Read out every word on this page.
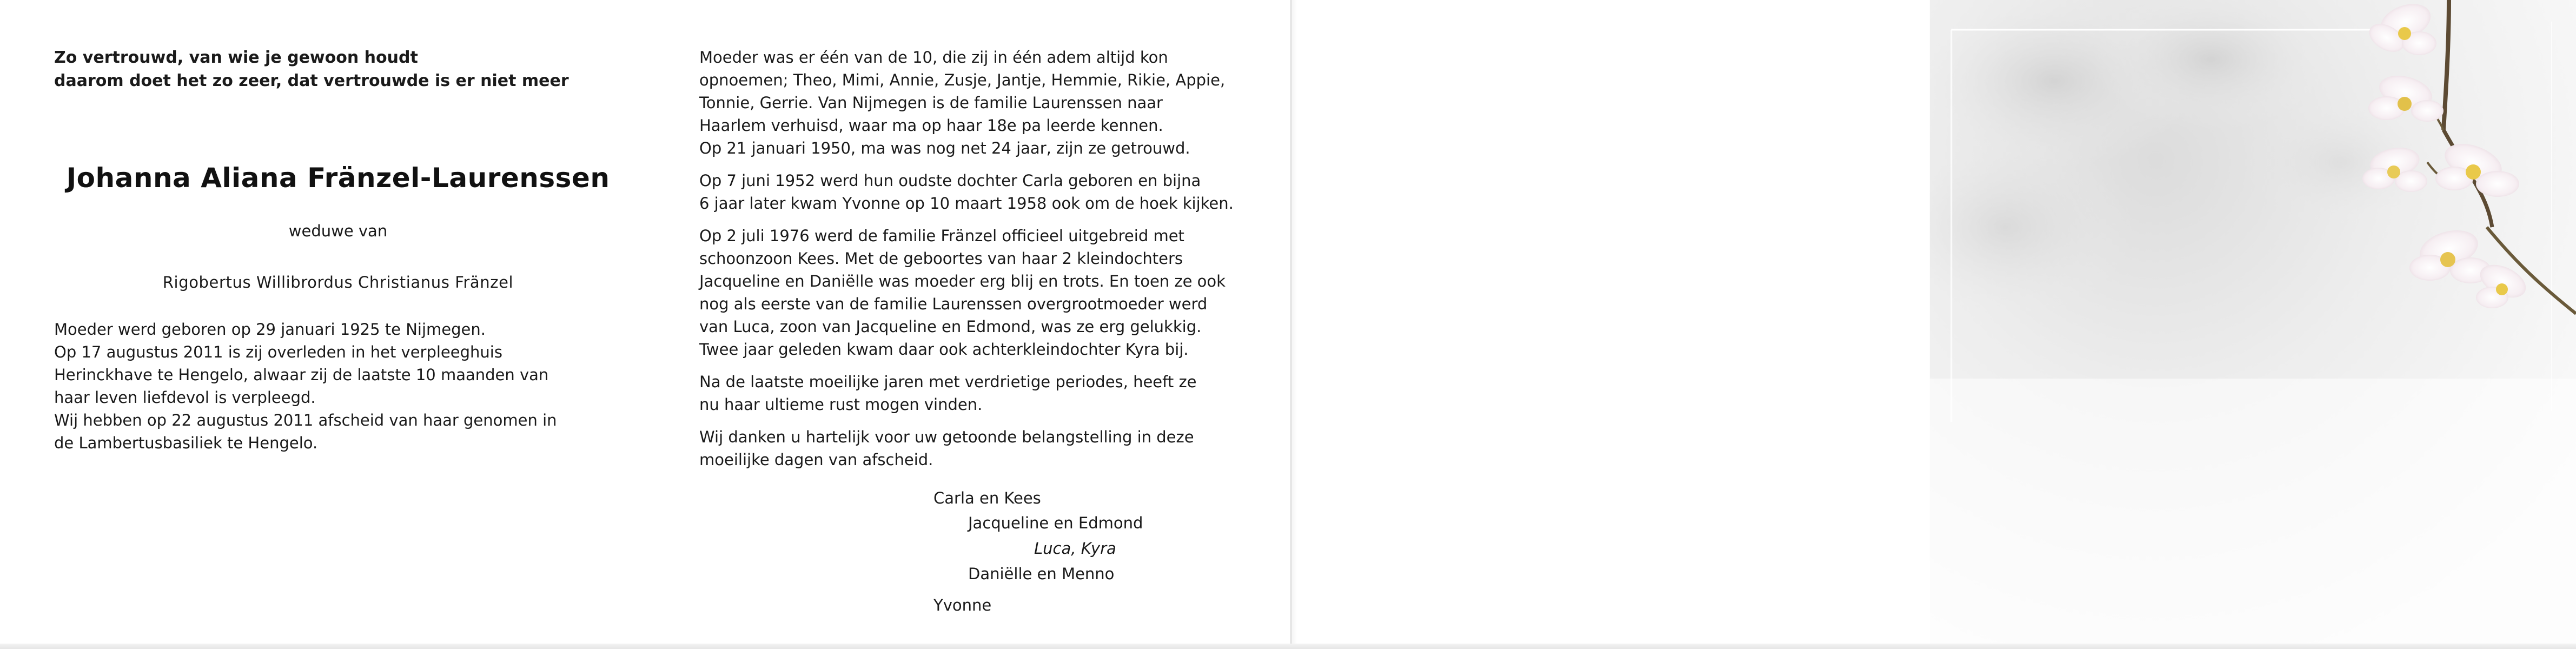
Zo vertrouwd, van wie je gewoon houdt

daarom doet het zo zeer, dat vertrouwde is er niet meer

Johanna Aliana Fränzel-Laurenssen

weduwe van

Rigobertus Willibrordus Christianus Fränzel

Moeder werd geboren op 29 januari 1925 te Nijmegen.
Op 17 augustus 2011 is zij overleden in het verpleeghuis
Herinckhave te Hengelo, alwaar zij de laatste 10 maanden van
haar leven liefdevol is verpleegd.
Wij hebben op 22 augustus 2011 afscheid van haar genomen in
de Lambertusbasiliek te Hengelo.
Moeder was er één van de 10, die zij in één adem altijd kon
opnoemen; Theo, Mimi, Annie, Zusje, Jantje, Hemmie, Rikie, Appie,
Tonnie, Gerrie. Van Nijmegen is de familie Laurenssen naar
Haarlem verhuisd, waar ma op haar 18e pa leerde kennen.
Op 21 januari 1950, ma was nog net 24 jaar, zijn ze getrouwd.
Op 7 juni 1952 werd hun oudste dochter Carla geboren en bijna
6 jaar later kwam Yvonne op 10 maart 1958 ook om de hoek kijken.
Op 2 juli 1976 werd de familie Fränzel officieel uitgebreid met
schoonzoon Kees. Met de geboortes van haar 2 kleindochters
Jacqueline en Daniëlle was moeder erg blij en trots. En toen ze ook
nog als eerste van de familie Laurenssen overgrootmoeder werd
van Luca, zoon van Jacqueline en Edmond, was ze erg gelukkig.
Twee jaar geleden kwam daar ook achterkleindochter Kyra bij.
Na de laatste moeilijke jaren met verdrietige periodes, heeft ze
nu haar ultieme rust mogen vinden.
Wij danken u hartelijk voor uw getoonde belangstelling in deze
moeilijke dagen van afscheid.
Carla en Kees
Jacqueline en Edmond
Luca, Kyra
Daniëlle en Menno
Yvonne
